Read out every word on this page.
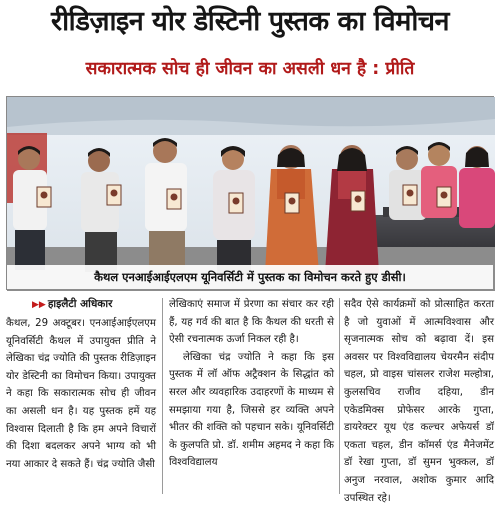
रीडिज़ाइन योर डेस्टिनी पुस्तक का विमोचन
सकारात्मक सोच ही जीवन का असली धन है : प्रीति
कैथल एनआईआईएलएम यूनिवर्सिटी में पुस्तक का विमोचन करते हुए डीसी।
▶▶ हाइलैटी अधिकार

कैथल, 29 अक्टूबर। एनआईआईएलएम यूनिवर्सिटी कैथल में उपायुक्त प्रीति ने लेखिका चंद्र ज्योति की पुस्तक रीडिज़ाइन योर डेस्टिनी का विमोचन किया। उपायुक्त ने कहा कि सकारात्मक सोच ही जीवन का असली धन है। यह पुस्तक हमें यह विश्वास दिलाती है कि हम अपने विचारों की दिशा बदलकर अपने भाग्य को भी नया आकार दे सकते हैं। चंद्र ज्योति जैसी

लेखिकाएं समाज में प्रेरणा का संचार कर रही हैं, यह गर्व की बात है कि कैथल की धरती से ऐसी रचनात्मक ऊर्जा निकल रही है।

लेखिका चंद्र ज्योति ने कहा कि इस पुस्तक में लॉ ऑफ अट्रैक्शन के सिद्धांत को सरल और व्यवहारिक उदाहरणों के माध्यम से समझाया गया है, जिससे हर व्यक्ति अपने भीतर की शक्ति को पहचान सके। यूनिवर्सिटी के कुलपति प्रो. डॉ. शमीम अहमद ने कहा कि विश्वविद्यालय

सदैव ऐसे कार्यक्रमों को प्रोत्साहित करता है जो युवाओं में आत्मविश्वास और सृजनात्मक सोच को बढ़ावा दें। इस अवसर पर विश्वविद्यालय चेयरमैन संदीप चहल, प्रो वाइस चांसलर राजेश मल्होत्रा, कुलसचिव राजीव दहिया, डीन एकेडमिक्स प्रोफेसर आरके गुप्ता, डायरेक्टर यूथ एंड कल्चर अफेयर्स डॉ एकता चहल, डीन कॉमर्स एंड मैनेजमेंट डॉ रेखा गुप्ता, डॉ सुमन भुक्कल, डॉ अनुज नरवाल, अशोक कुमार आदि उपस्थित रहे।
